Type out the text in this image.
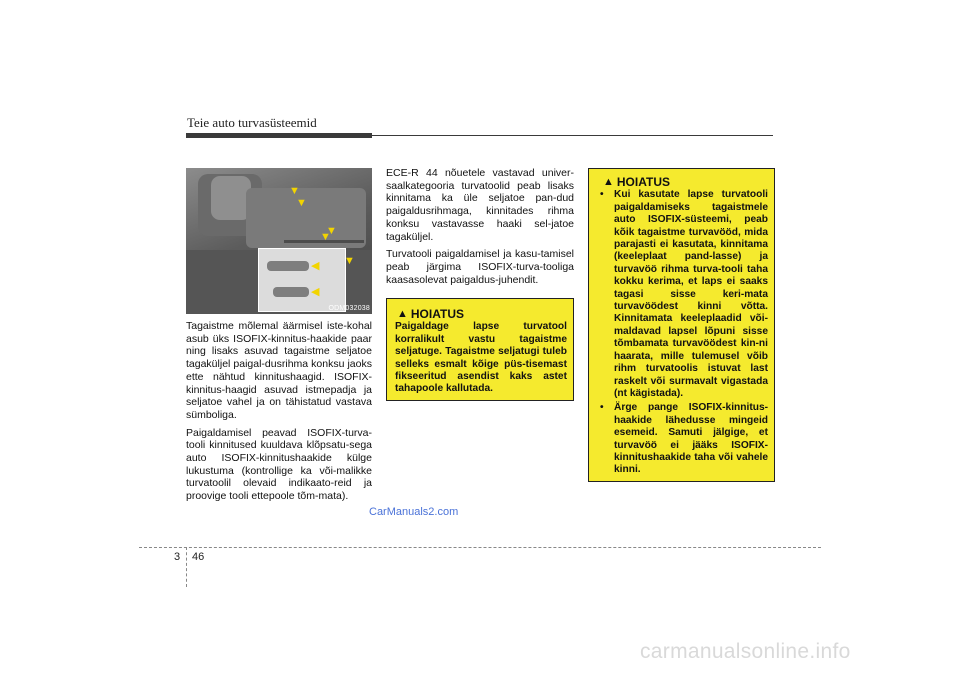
Teie auto turvasüsteemid
◀
◀
▼
▼
▼
▼
▼
ODM032038

Tagaistme mõlemal äärmisel iste-kohal asub üks ISOFIX-kinnitus-haakide paar ning lisaks asuvad tagaistme seljatoe tagaküljel paigal-dusrihma konksu jaoks ette nähtud kinnitushaagid. ISOFIX-kinnitus-haagid asuvad istmepadja ja seljatoe vahel ja on tähistatud vastava sümboliga.

Paigaldamisel peavad ISOFIX-turva-tooli kinnitused kuuldava klõpsatu-sega auto ISOFIX-kinnitushaakide külge lukustuma (kontrollige ka või-malikke turvatoolil olevaid indikaato-reid ja proovige tooli ettepoole tõm-mata).

ECE-R 44 nõuetele vastavad univer-saalkategooria turvatoolid peab lisaks kinnitama ka üle seljatoe pan-dud paigaldusrihmaga, kinnitades rihma konksu vastavasse haaki sel-jatoe tagaküljel.

Turvatooli paigaldamisel ja kasu-tamisel peab järgima ISOFIX-turva-tooliga kaasasolevat paigaldus-juhendit.

▲ HOIATUS
Paigaldage lapse turvatool korralikult vastu tagaistme seljatuge. Tagaistme seljatugi tuleb selleks esmalt kõige püs-tisemast fikseeritud asendist kaks astet tahapoole kallutada.
▲ HOIATUS
• Kui kasutate lapse turvatooli paigaldamiseks tagaistmele auto ISOFIX-süsteemi, peab kõik tagaistme turvavööd, mida parajasti ei kasutata, kinnitama (keeleplaat pand-lasse) ja turvavöö rihma turva-tooli taha kokku kerima, et laps ei saaks tagasi sisse keri-mata turvavöödest kinni võtta. Kinnitamata keeleplaadid või-maldavad lapsel lõpuni sisse tõmbamata turvavöödest kin-ni haarata, mille tulemusel võib rihm turvatoolis istuvat last raskelt või surmavalt vigastada (nt kägistada).
• Ärge pange ISOFIX-kinnitus-haakide lähedusse mingeid esemeid. Samuti jälgige, et turvavöö ei jääks ISOFIX-kinnitushaakide taha või vahele kinni.
CarManuals2.com
3 46
carmanualsonline.info
